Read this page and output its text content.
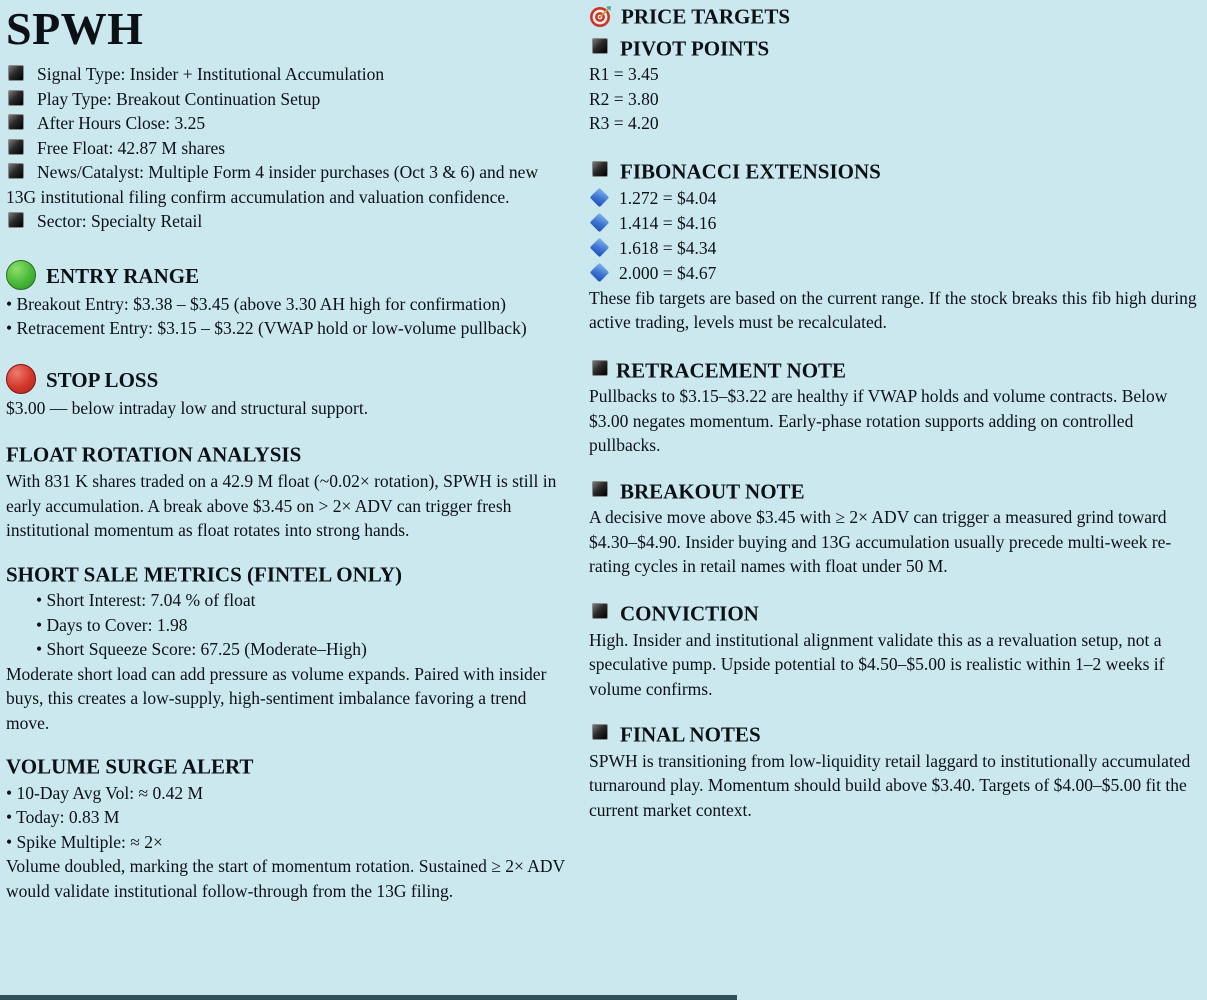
SPWH
Signal Type: Insider + Institutional Accumulation
Play Type: Breakout Continuation Setup
After Hours Close: 3.25
Free Float: 42.87 M shares
News/Catalyst: Multiple Form 4 insider purchases (Oct 3 & 6) and new 13G institutional filing confirm accumulation and valuation confidence.
Sector: Specialty Retail
ENTRY RANGE
• Breakout Entry: $3.38 – $3.45 (above 3.30 AH high for confirmation)
• Retracement Entry: $3.15 – $3.22 (VWAP hold or low-volume pullback)
STOP LOSS
$3.00 — below intraday low and structural support.
FLOAT ROTATION ANALYSIS
With 831 K shares traded on a 42.9 M float (~0.02× rotation), SPWH is still in early accumulation. A break above $3.45 on > 2× ADV can trigger fresh institutional momentum as float rotates into strong hands.
SHORT SALE METRICS (FINTEL ONLY)
• Short Interest: 7.04 % of float
• Days to Cover: 1.98
• Short Squeeze Score: 67.25 (Moderate–High)
Moderate short load can add pressure as volume expands. Paired with insider buys, this creates a low-supply, high-sentiment imbalance favoring a trend move.
VOLUME SURGE ALERT
• 10-Day Avg Vol: ≈ 0.42 M
• Today: 0.83 M
• Spike Multiple: ≈ 2×
Volume doubled, marking the start of momentum rotation. Sustained ≥ 2× ADV would validate institutional follow-through from the 13G filing.
PRICE TARGETS
PIVOT POINTS
R1 = 3.45
R2 = 3.80
R3 = 4.20
FIBONACCI EXTENSIONS
1.272 = $4.04
1.414 = $4.16
1.618 = $4.34
2.000 = $4.67
These fib targets are based on the current range. If the stock breaks this fib high during active trading, levels must be recalculated.
RETRACEMENT NOTE
Pullbacks to $3.15–$3.22 are healthy if VWAP holds and volume contracts. Below $3.00 negates momentum. Early-phase rotation supports adding on controlled pullbacks.
BREAKOUT NOTE
A decisive move above $3.45 with ≥ 2× ADV can trigger a measured grind toward $4.30–$4.90. Insider buying and 13G accumulation usually precede multi-week re-rating cycles in retail names with float under 50 M.
CONVICTION
High. Insider and institutional alignment validate this as a revaluation setup, not a speculative pump. Upside potential to $4.50–$5.00 is realistic within 1–2 weeks if volume confirms.
FINAL NOTES
SPWH is transitioning from low-liquidity retail laggard to institutionally accumulated turnaround play. Momentum should build above $3.40. Targets of $4.00–$5.00 fit the current market context.
